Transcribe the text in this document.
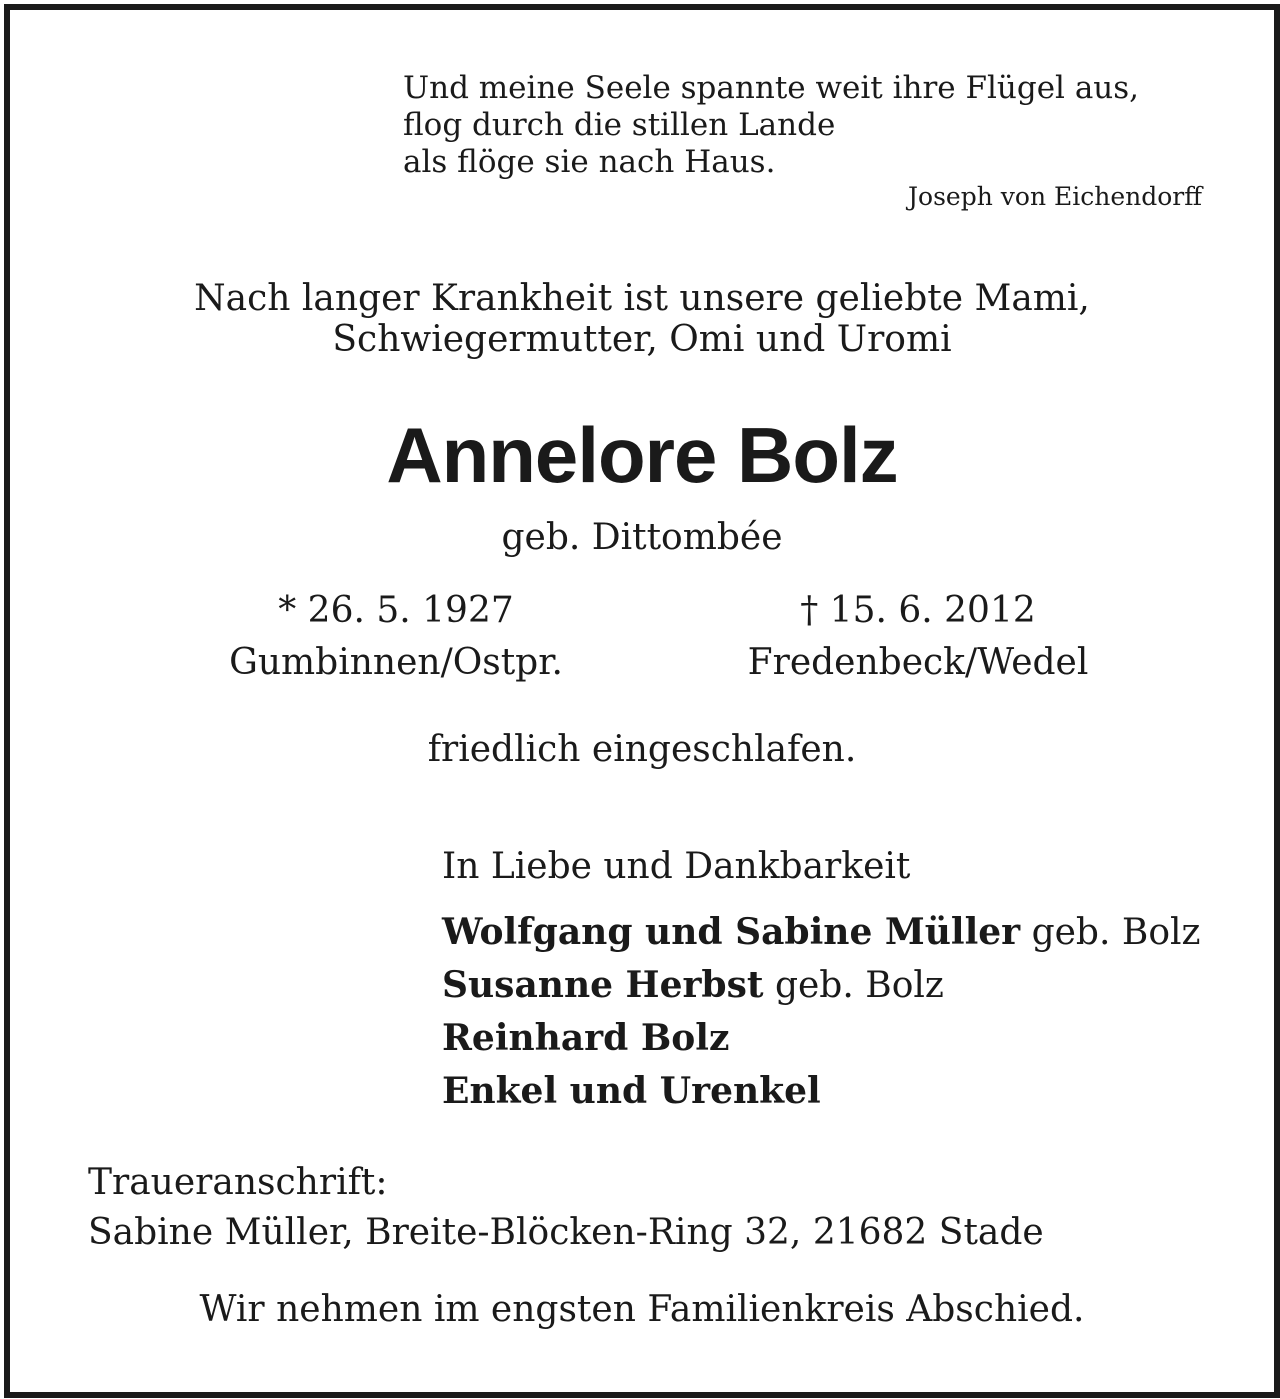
Und meine Seele spannte weit ihre Flügel aus,
flog durch die stillen Lande
als flöge sie nach Haus.
Joseph von Eichendorff
Nach langer Krankheit ist unsere geliebte Mami,
Schwiegermutter, Omi und Uromi
Annelore Bolz
geb. Dittombée
* 26. 5. 1927
Gumbinnen/Ostpr.
† 15. 6. 2012
Fredenbeck/Wedel
friedlich eingeschlafen.
In Liebe und Dankbarkeit
Wolfgang und Sabine Müller geb. Bolz
Susanne Herbst geb. Bolz
Reinhard Bolz
Enkel und Urenkel
Traueranschrift:
Sabine Müller, Breite-Blöcken-Ring 32, 21682 Stade
Wir nehmen im engsten Familienkreis Abschied.
